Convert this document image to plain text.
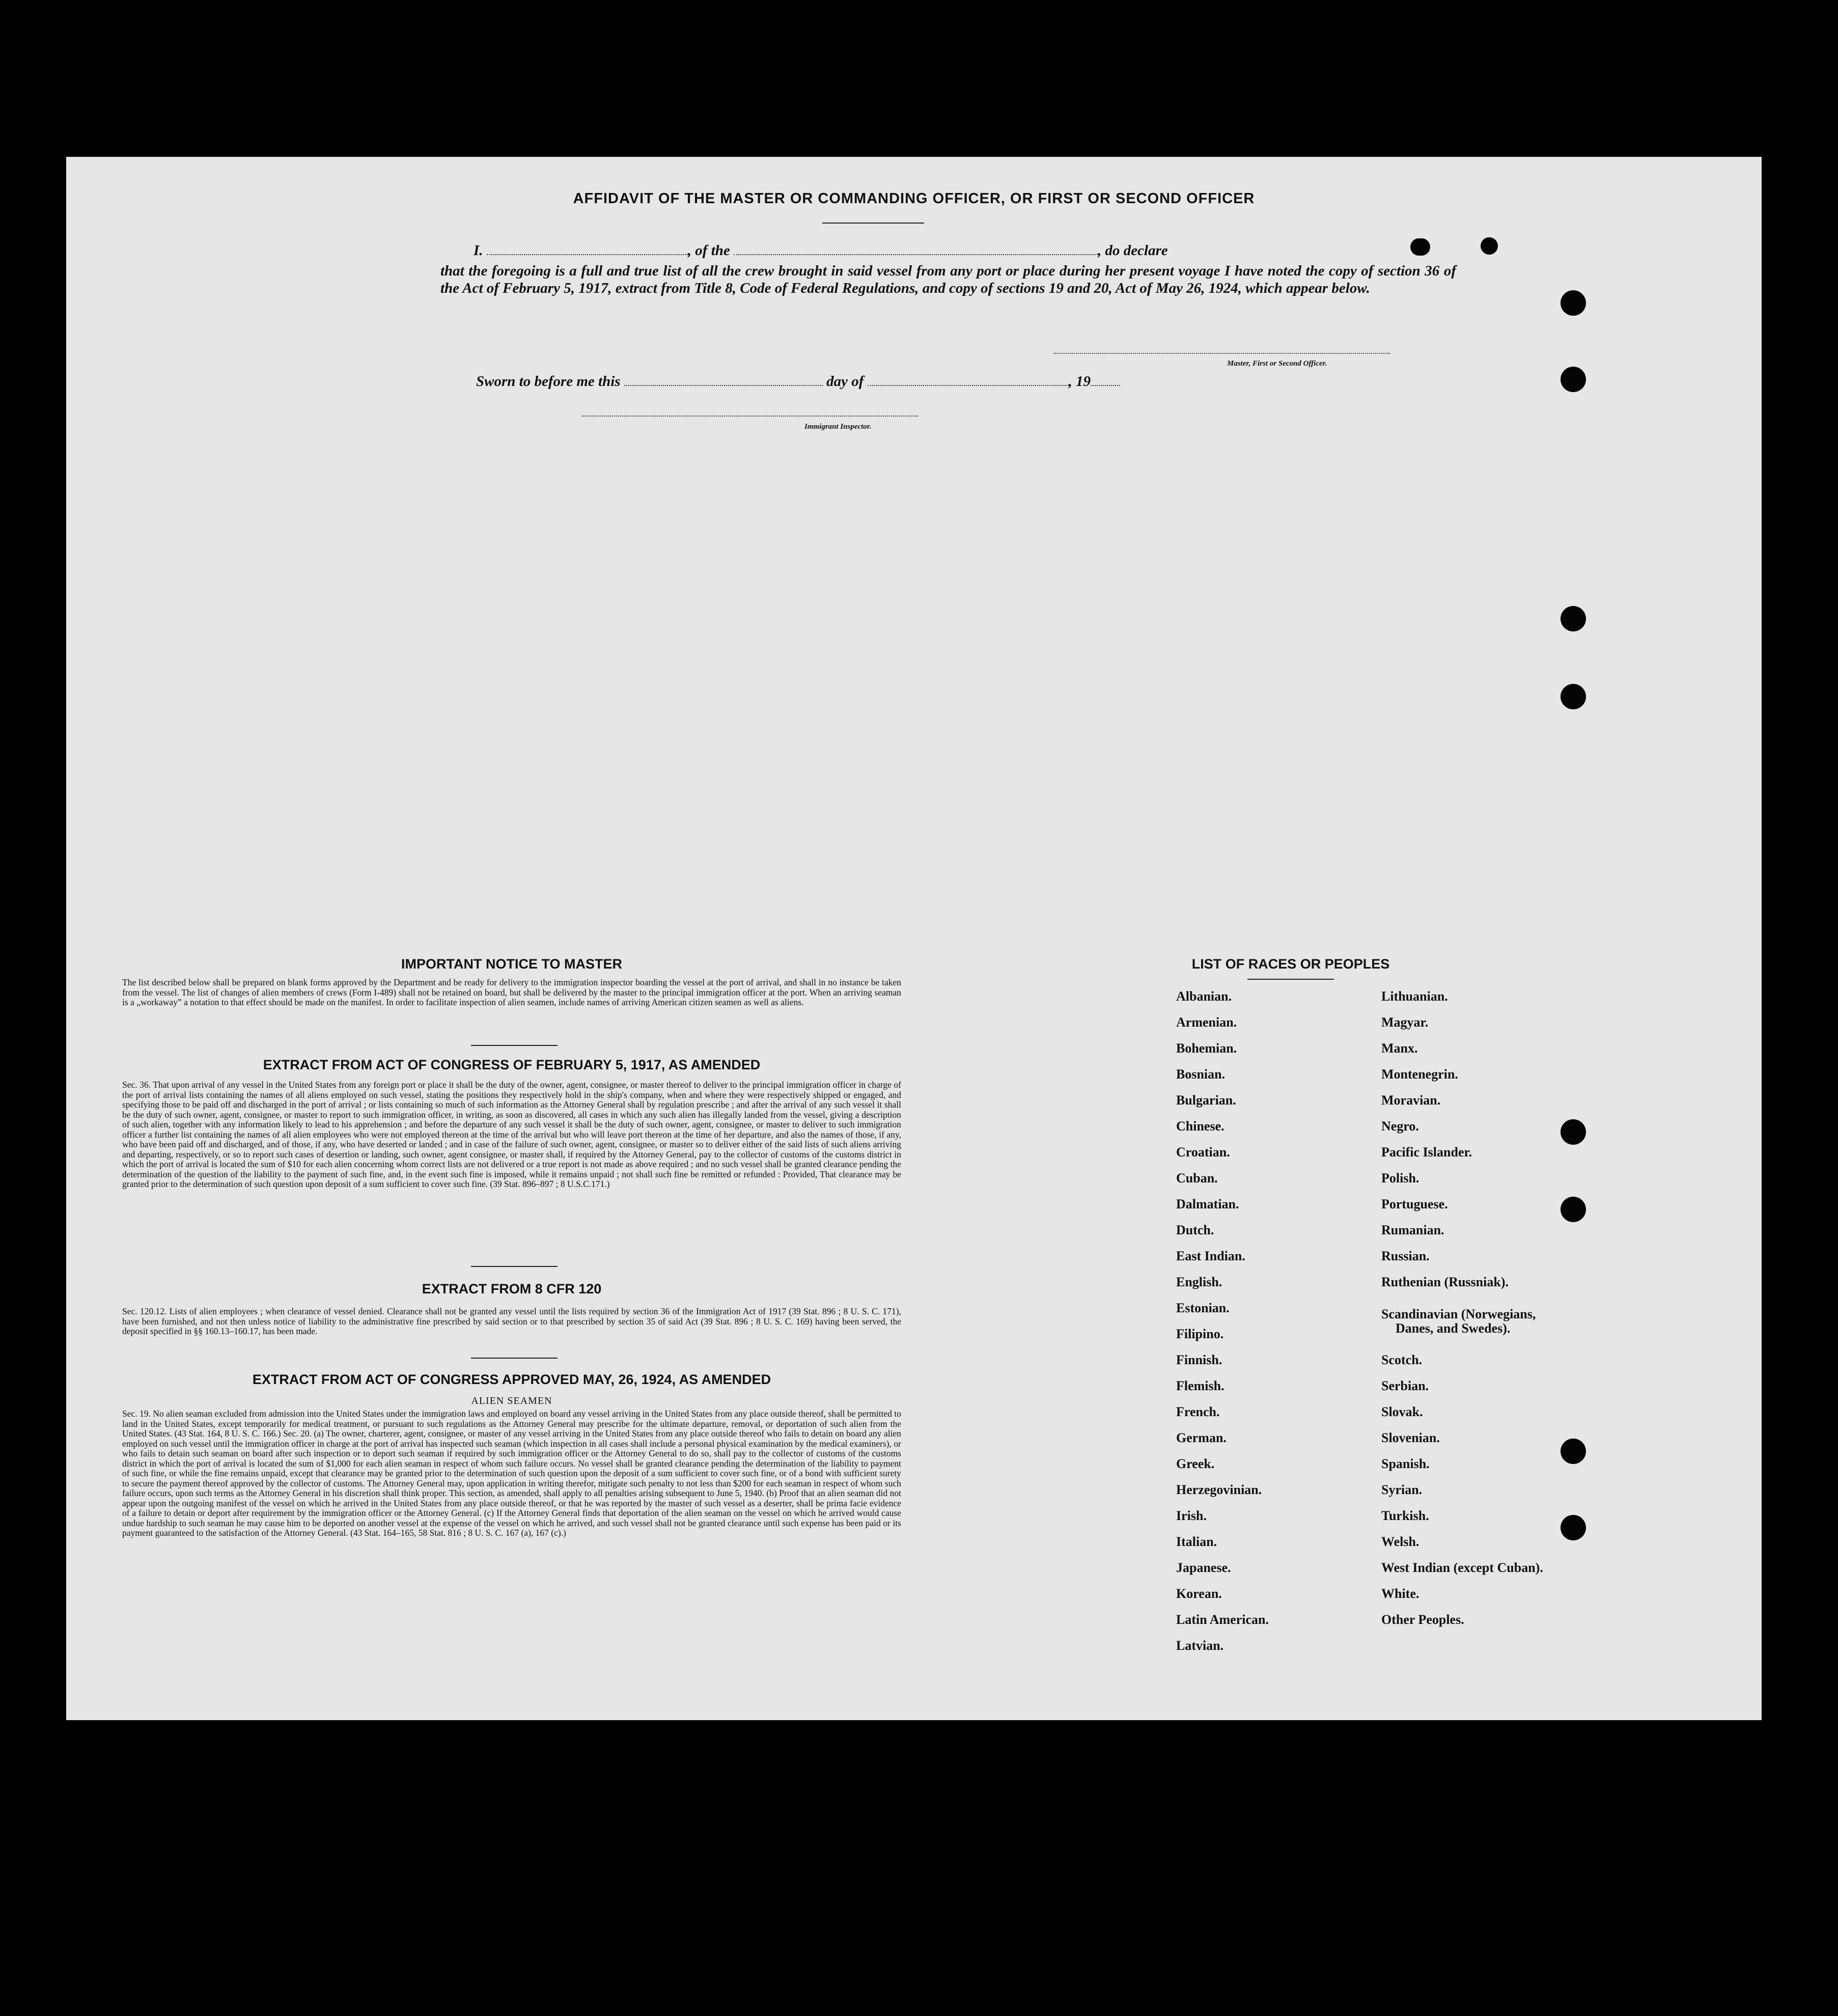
AFFIDAVIT OF THE MASTER OR COMMANDING OFFICER, OR FIRST OR SECOND OFFICER
I.	, of the	, do declare
that the foregoing is a full and true list of all the crew brought in said vessel from any port or place during her present voyage I have noted the copy of section 36 of the Act of February 5, 1917, extract from Title 8, Code of Federal Regulations, and copy of sections 19 and 20, Act of May 26, 1924, which appear below.
Master, First or Second Officer.
Sworn to before me this	day of	, 19
Immigrant Inspector.
IMPORTANT NOTICE TO MASTER
The list described below shall be prepared on blank forms approved by the Department and be ready for delivery to the immigration inspector boarding the vessel at the port of arrival, and shall in no instance be taken from the vessel. The list of changes of alien members of crews (Form I-489) shall not be retained on board, but shall be delivered by the master to the principal immigration officer at the port. When an arriving seaman is a „workaway” a notation to that effect should be made on the manifest. In order to facilitate inspection of alien seamen, include names of arriving American citizen seamen as well as aliens.
EXTRACT FROM ACT OF CONGRESS OF FEBRUARY 5, 1917, AS AMENDED
Sec. 36. That upon arrival of any vessel in the United States from any foreign port or place it shall be the duty of the owner, agent, consignee, or master thereof to deliver to the principal immigration officer in charge of the port of arrival lists containing the names of all aliens employed on such vessel, stating the positions they respectively hold in the ship's company, when and where they were respectively shipped or engaged, and specifying those to be paid off and discharged in the port of arrival ; or lists containing so much of such information as the Attorney General shall by regulation prescribe ; and after the arrival of any such vessel it shall be the duty of such owner, agent, consignee, or master to report to such immigration officer, in writing, as soon as discovered, all cases in which any such alien has illegally landed from the vessel, giving a description of such alien, together with any information likely to lead to his apprehension ; and before the departure of any such vessel it shall be the duty of such owner, agent, consignee, or master to deliver to such immigration officer a further list containing the names of all alien employees who were not employed thereon at the time of the arrival but who will leave port thereon at the time of her departure, and also the names of those, if any, who have been paid off and discharged, and of those, if any, who have deserted or landed ; and in case of the failure of such owner, agent, consignee, or master so to deliver either of the said lists of such aliens arriving and departing, respectively, or so to report such cases of desertion or landing, such owner, agent consignee, or master shall, if required by the Attorney General, pay to the collector of customs of the customs district in which the port of arrival is located the sum of $10 for each alien concerning whom correct lists are not delivered or a true report is not made as above required ; and no such vessel shall be granted clearance pending the determination of the question of the liability to the payment of such fine, and, in the event such fine is imposed, while it remains unpaid ; not shall such fine be remitted or refunded : Provided, That clearance may be granted prior to the determination of such question upon deposit of a sum sufficient to cover such fine. (39 Stat. 896–897 ; 8 U.S.C.171.)
EXTRACT FROM 8 CFR 120
Sec. 120.12. Lists of alien employees ; when clearance of vessel denied. Clearance shall not be granted any vessel until the lists required by section 36 of the Immigration Act of 1917 (39 Stat. 896 ; 8 U. S. C. 171), have been furnished, and not then unless notice of liability to the administrative fine prescribed by said section or to that prescribed by section 35 of said Act (39 Stat. 896 ; 8 U. S. C. 169) having been served, the deposit specified in §§ 160.13–160.17, has been made.
EXTRACT FROM ACT OF CONGRESS APPROVED MAY, 26, 1924, AS AMENDED
ALIEN SEAMEN
Sec. 19. No alien seaman excluded from admission into the United States under the immigration laws and employed on board any vessel arriving in the United States from any place outside thereof, shall be permitted to land in the United States, except temporarily for medical treatment, or pursuant to such regulations as the Attorney General may prescribe for the ultimate departure, removal, or deportation of such alien from the United States. (43 Stat. 164, 8 U. S. C. 166.) Sec. 20. (a) The owner, charterer, agent, consignee, or master of any vessel arriving in the United States from any place outside thereof who fails to detain on board any alien employed on such vessel until the immigration officer in charge at the port of arrival has inspected such seaman (which inspection in all cases shall include a personal physical examination by the medical examiners), or who fails to detain such seaman on board after such inspection or to deport such seaman if required by such immigration officer or the Attorney General to do so, shall pay to the collector of customs of the customs district in which the port of arrival is located the sum of $1,000 for each alien seaman in respect of whom such failure occurs. No vessel shall be granted clearance pending the determination of the liability to payment of such fine, or while the fine remains unpaid, except that clearance may be granted prior to the determination of such question upon the deposit of a sum sufficient to cover such fine, or of a bond with sufficient surety to secure the payment thereof approved by the collector of customs. The Attorney General may, upon application in writing therefor, mitigate such penalty to not less than $200 for each seaman in respect of whom such failure occurs, upon such terms as the Attorney General in his discretion shall think proper. This section, as amended, shall apply to all penalties arising subsequent to June 5, 1940. (b) Proof that an alien seaman did not appear upon the outgoing manifest of the vessel on which he arrived in the United States from any place outside thereof, or that he was reported by the master of such vessel as a deserter, shall be prima facie evidence of a failure to detain or deport after requirement by the immigration officer or the Attorney General. (c) If the Attorney General finds that deportation of the alien seaman on the vessel on which he arrived would cause undue hardship to such seaman he may cause him to be deported on another vessel at the expense of the vessel on which he arrived, and such vessel shall not be granted clearance until such expense has been paid or its payment guaranteed to the satisfaction of the Attorney General. (43 Stat. 164–165, 58 Stat. 816 ; 8 U. S. C. 167 (a), 167 (c).)
LIST OF RACES OR PEOPLES
Albanian.
Armenian.
Bohemian.
Bosnian.
Bulgarian.
Chinese.
Croatian.
Cuban.
Dalmatian.
Dutch.
East Indian.
English.
Estonian.
Filipino.
Finnish.
Flemish.
French.
German.
Greek.
Herzegovinian.
Irish.
Italian.
Japanese.
Korean.
Latin American.
Latvian.
Lithuanian.
Magyar.
Manx.
Montenegrin.
Moravian.
Negro.
Pacific Islander.
Polish.
Portuguese.
Rumanian.
Russian.
Ruthenian (Russniak).
Scandinavian (Norwegians,
Danes, and Swedes).
Scotch.
Serbian.
Slovak.
Slovenian.
Spanish.
Syrian.
Turkish.
Welsh.
West Indian (except Cuban).
White.
Other Peoples.
